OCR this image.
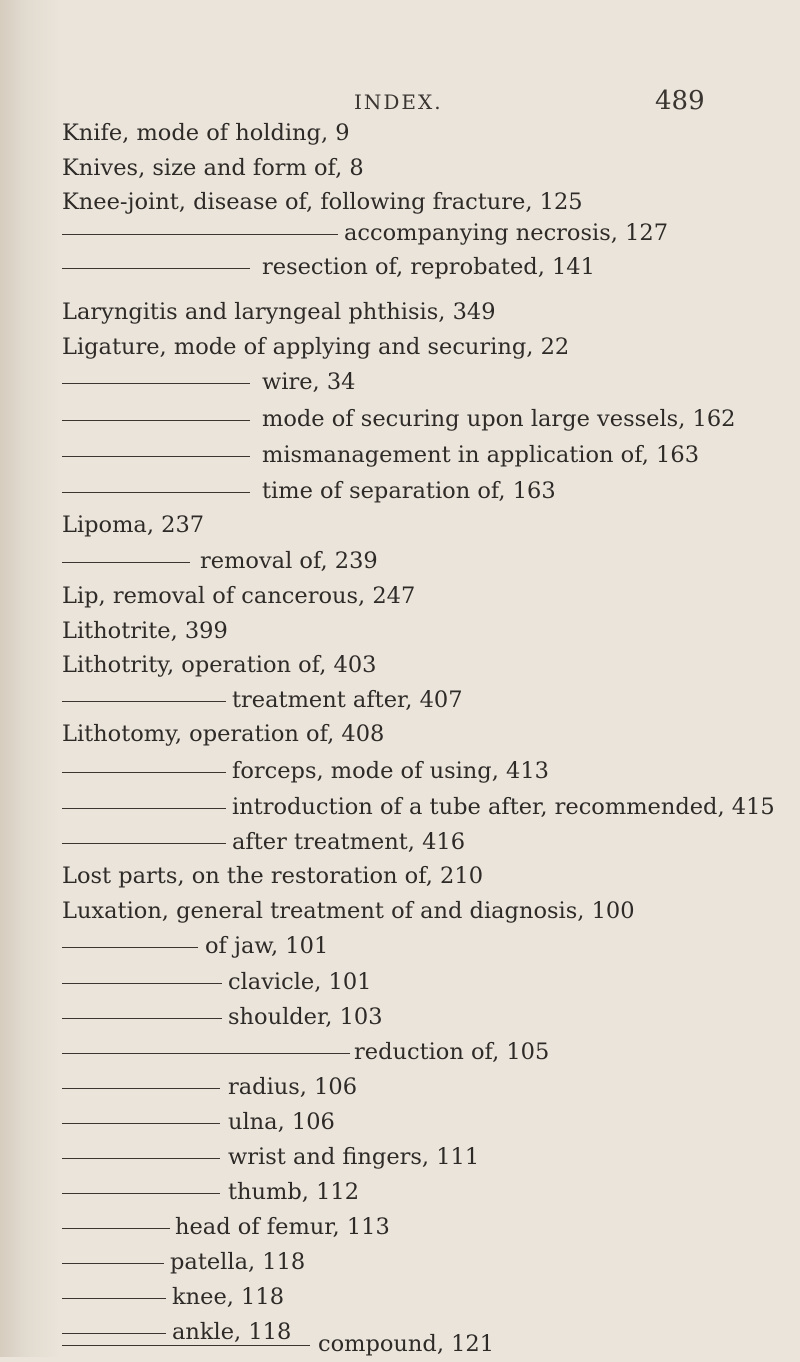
INDEX.	489
Knife, mode of holding, 9
Knives, size and form of, 8
Knee-joint, disease of, following fracture, 125
accompanying necrosis, 127
resection of, reprobated, 141
Laryngitis and laryngeal phthisis, 349
Ligature, mode of applying and securing, 22
wire, 34
mode of securing upon large vessels, 162
mismanagement in application of, 163
time of separation of, 163
Lipoma, 237
removal of, 239
Lip, removal of cancerous, 247
Lithotrite, 399
Lithotrity, operation of, 403
treatment after, 407
Lithotomy, operation of, 408
forceps, mode of using, 413
introduction of a tube after, recommended, 415
after treatment, 416
Lost parts, on the restoration of, 210
Luxation, general treatment of and diagnosis, 100
of jaw, 101
clavicle, 101
shoulder, 103
reduction of, 105
radius, 106
ulna, 106
wrist and fingers, 111
thumb, 112
head of femur, 113
patella, 118
knee, 118
ankle, 118 compound, 121
